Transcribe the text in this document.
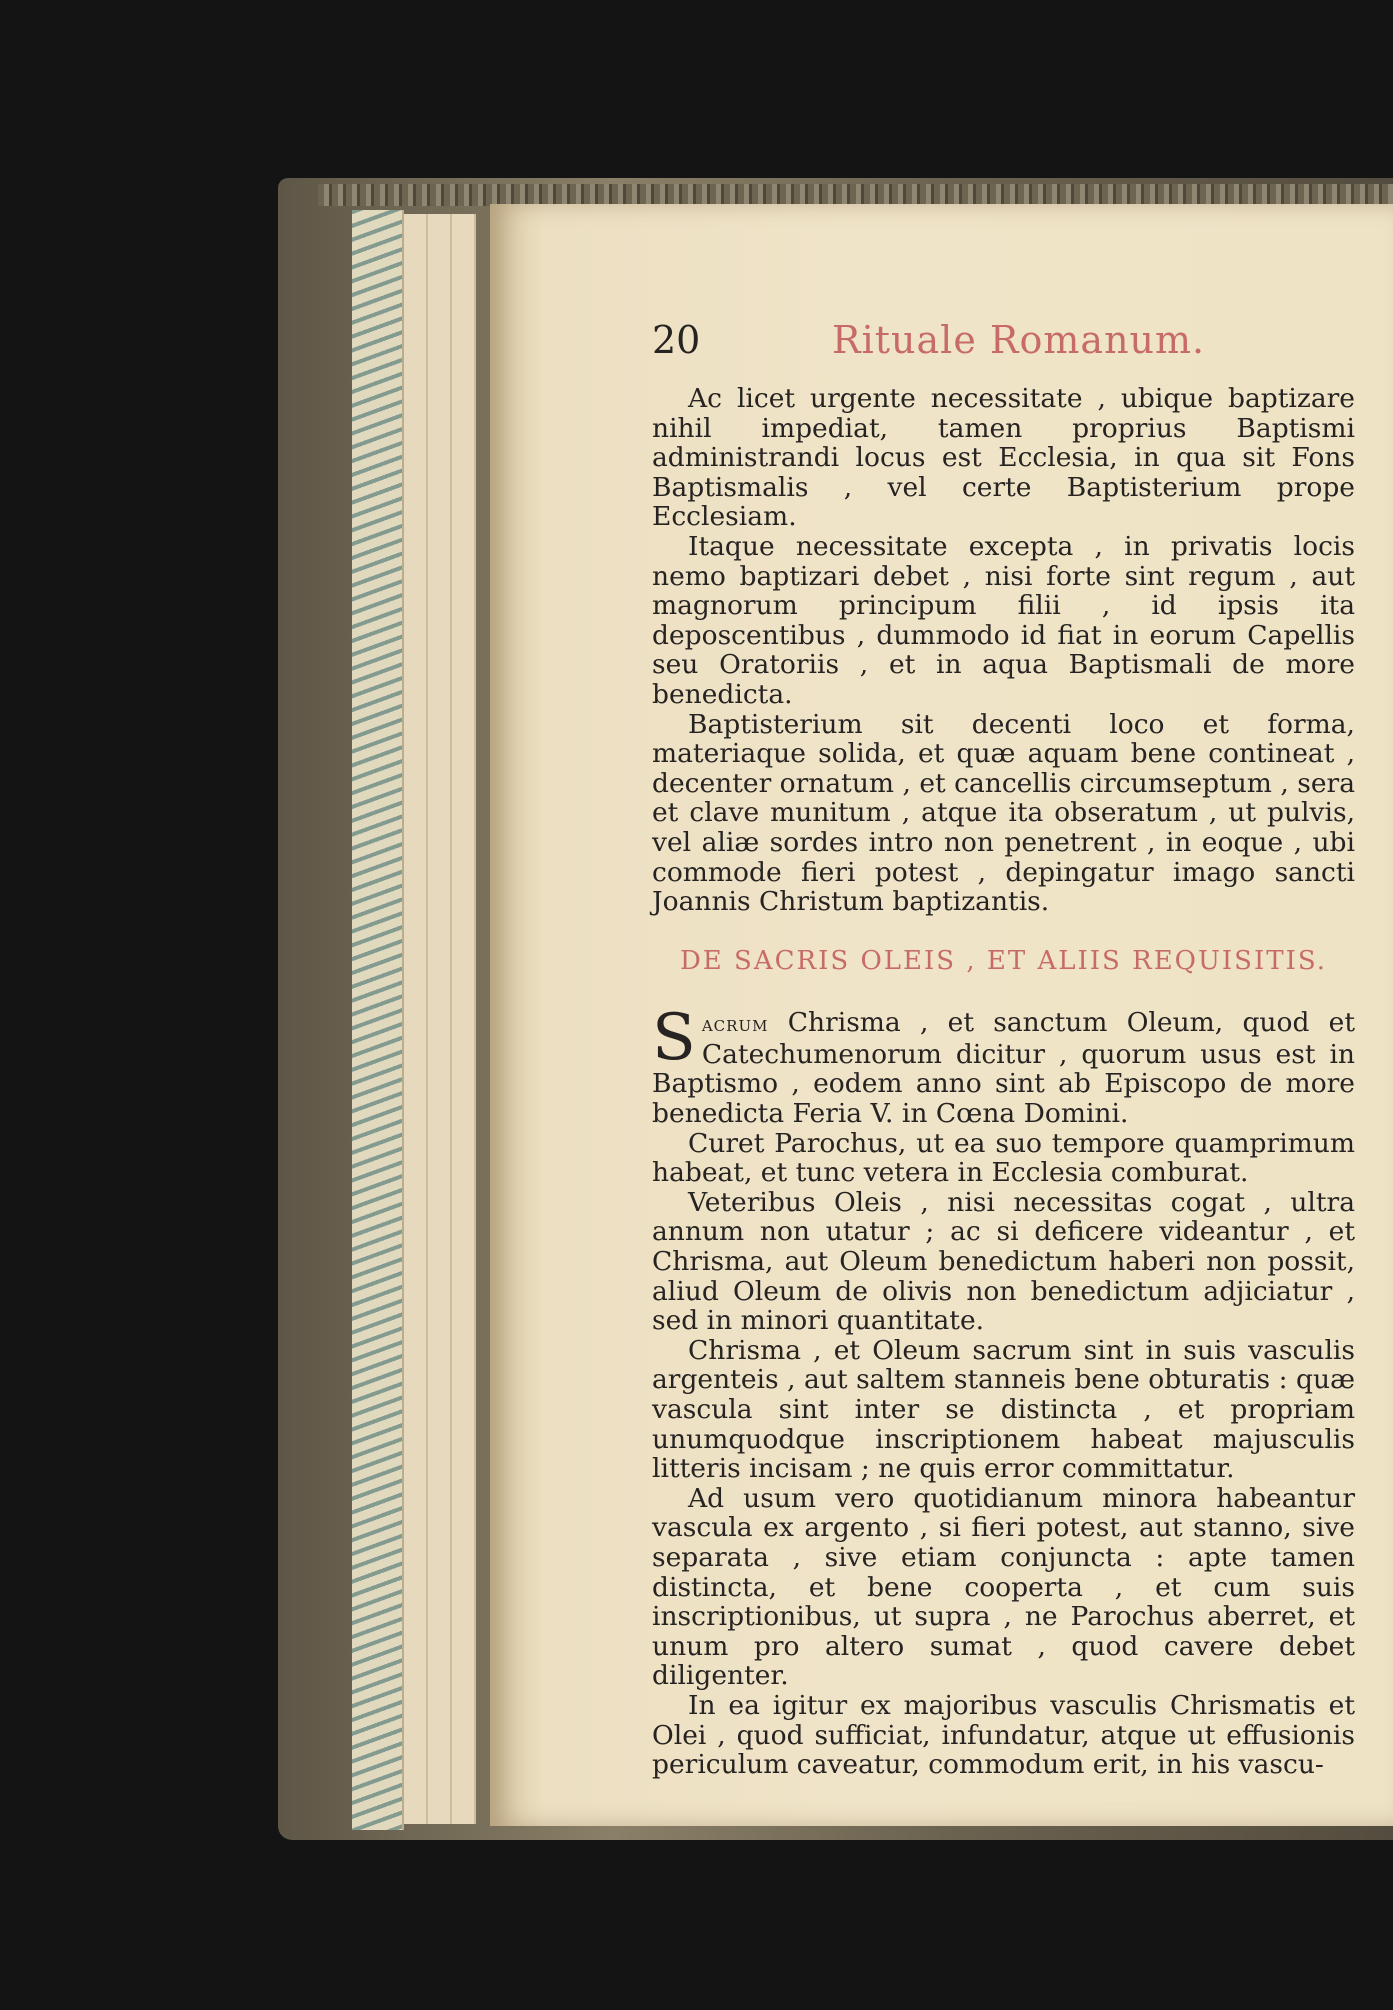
20	Rituale Romanum.

Ac licet urgente necessitate , ubique baptizare nihil impediat, tamen proprius Baptismi administrandi locus est Ecclesia, in qua sit Fons Baptismalis , vel certe Baptisterium prope Ecclesiam.

Itaque necessitate excepta , in privatis locis nemo baptizari debet , nisi forte sint regum , aut magnorum principum filii , id ipsis ita deposcentibus , dummodo id fiat in eorum Capellis seu Oratoriis , et in aqua Baptismali de more benedicta.

Baptisterium sit decenti loco et forma, materiaque solida, et quæ aquam bene contineat , decenter ornatum , et cancellis circumseptum , sera et clave munitum , atque ita obseratum , ut pulvis, vel aliæ sordes intro non penetrent , in eoque , ubi commode fieri potest , depingatur imago sancti Joannis Christum baptizantis.

DE SACRIS OLEIS , ET ALIIS REQUISITIS.

Sacrum Chrisma , et sanctum Oleum, quod et Catechumenorum dicitur , quorum usus est in Baptismo , eodem anno sint ab Episcopo de more benedicta Feria V. in Cœna Domini.

Curet Parochus, ut ea suo tempore quamprimum habeat, et tunc vetera in Ecclesia comburat.

Veteribus Oleis , nisi necessitas cogat , ultra annum non utatur ; ac si deficere videantur , et Chrisma, aut Oleum benedictum haberi non possit, aliud Oleum de olivis non benedictum adjiciatur , sed in minori quantitate.

Chrisma , et Oleum sacrum sint in suis vasculis argenteis , aut saltem stanneis bene obturatis : quæ vascula sint inter se distincta , et propriam unumquodque inscriptionem habeat majusculis litteris incisam ; ne quis error committatur.

Ad usum vero quotidianum minora habeantur vascula ex argento , si fieri potest, aut stanno, sive separata , sive etiam conjuncta : apte tamen distincta, et bene cooperta , et cum suis inscriptionibus, ut supra , ne Parochus aberret, et unum pro altero sumat , quod cavere debet diligenter.

In ea igitur ex majoribus vasculis Chrismatis et Olei , quod sufficiat, infundatur, atque ut effusionis periculum caveatur, commodum erit, in his vascu-
